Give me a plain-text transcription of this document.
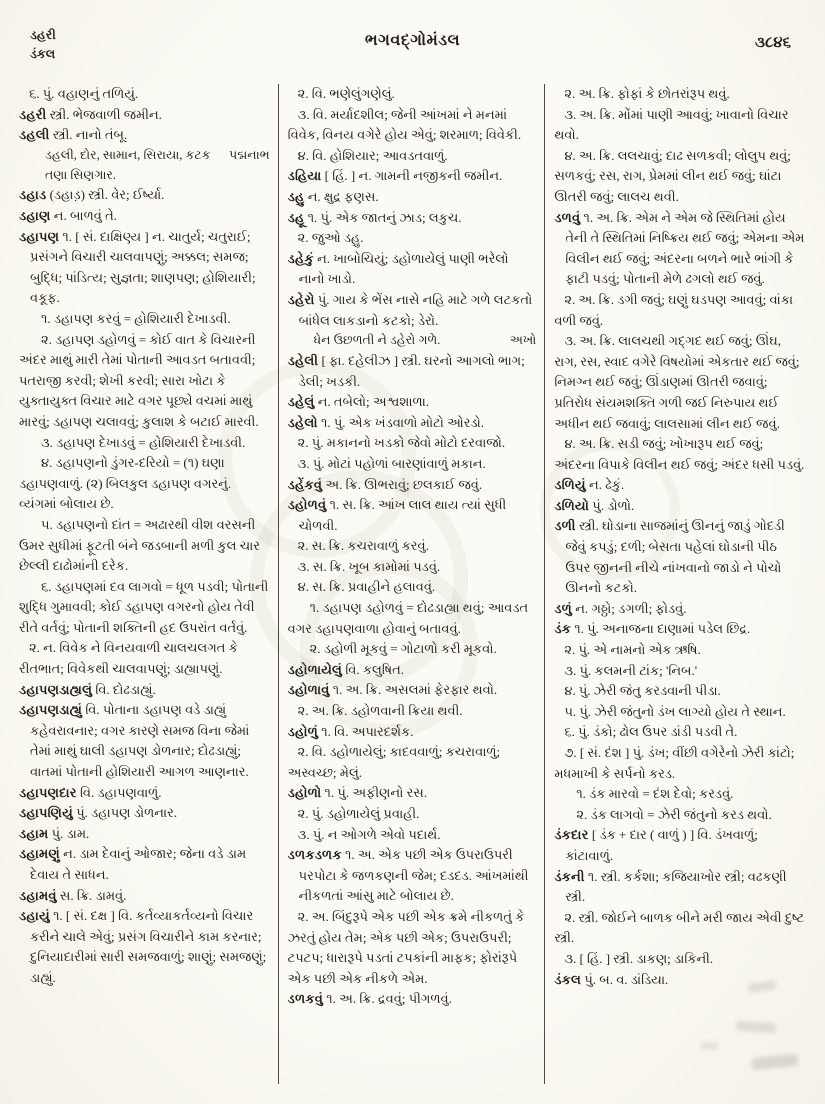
ડહરી
ડંકલ
ભગવદ્ગોમંડલ	૩૮૪૬

૬. પું. વહાણનું તળિયું.

ડહરી સ્ત્રી. ભેજવાળી જમીન.

ડહલી સ્ત્રી. નાનો તંબૂ.

પદ્મનાભ
ડહલી, દોર, સામાન, સિરાયા, કટક તણા સિણગાર.

ડહાડ (ડહાડ઼) સ્ત્રી. વેર; ઈર્ષ્યા.

ડહાણ ન. બાળવું તે.

ડહાપણ ૧. [ સં. દાક્ષિણ્ય ] ન. ચાતુર્ય; ચતુરાઈ; પ્રસંગને વિચારી ચાલવાપણું; અક્કલ; સમજ; બુદ્ધિ; પાંડિત્ય; સુજ્ઞતા; શાણપણ; હોશિયારી; વકૂફ.

૧. ડહાપણ કરવું = હોશિયારી દેખાડવી.

૨. ડહાપણ ડહોળવું = કોઈ વાત કે વિચારની અંદર માથું મારી તેમાં પોતાની આવડત બતાવવી; પતરાજી કરવી; શેખી કરવી; સારા ખોટા કે યુક્તાયુક્ત વિચાર માટે વગર પૂછ્યે વચમાં માથું મારવું; ડહાપણ ચલાવવું; કુલાશ કે બટાઈ મારવી.

૩. ડહાપણ દેખાડવું = હોશિયારી દેખાડવી.

૪. ડહાપણનો ડુંગર-દરિયો = (૧) ઘણા ડહાપણવાળું. (૨) બિલકુલ ડહાપણ વગરનું. વ્યંગમાં બોલાય છે.

૫. ડહાપણનો દાંત = અઢારથી વીશ વરસની ઉમર સુધીમાં ફૂટતી બંને જડબાની મળી કુલ ચાર છેલ્લી દાઢોમાંની દરેક.

૬. ડહાપણમાં દવ લાગવો = ધૂળ પડવી; પોતાની શુદ્ધિ ગુમાવવી; કોઈ ડહાપણ વગરનો હોય તેવી રીતે વર્તવું; પોતાની શક્તિની હદ ઉપરાંત વર્તવું.

૨. ન. વિવેક ને વિનયવાળી ચાલચલગત કે રીતભાત; વિવેકથી ચાલવાપણું; ડાહ્યાપણું.

ડહાપણડાહ્યલું વિ. દોઢડાહ્યું.

ડહાપણડાહ્યું વિ. પોતાના ડહાપણ વડે ડાહ્યું કહેવરાવનાર; વગર કારણે સમજ વિના જેમાં તેમાં માથું ઘાલી ડહાપણ ડોળનાર; દોઢડાહ્યું; વાતમાં પોતાની હોશિયારી આગળ આણનાર.

ડહાપણદાર વિ. ડહાપણવાળું.

ડહાપણિયું પું. ડહાપણ ડોળનાર.

ડહામ પું. ડામ.

ડહામણું ન. ડામ દેવાનું ઓજાર; જેના વડે ડામ દેવાય તે સાધન.

ડહામવું સ. ક્રિ. ડામવું.

ડહાયું ૧. [ સં. દક્ષ ] વિ. કર્તવ્યાકર્તવ્યનો વિચાર કરીને ચાલે એવું; પ્રસંગ વિચારીને કામ કરનાર; દુનિયાદારીમાં સારી સમજવાળું; શાણું; સમજણું; ડાહ્યું.

૨. વિ. ભણેલુંગણેલું.

૩. વિ. મર્યાદશીલ; જેની આંખમાં ને મનમાં વિવેક, વિનય વગેરે હોય એવું; શરમાળ; વિવેકી.

૪. વિ. હોશિયાર; આવડતવાળું.

ડહિયા [ હિં. ] ન. ગામની નજીકની જમીન.

ડહુ ન. ક્ષુદ્ર ફણસ.

ડહૂ ૧. પું. એક જાતનું ઝાડ; લકુચ.

૨. જુઓ ડહુ.

ડહેકું ન. ખાબોચિયું; ડહોળાયેલું પાણી ભરેલો નાનો ખાડો.

ડહેરો પું. ગાય કે ભેંસ નાસે નહિ માટે ગળે લટકતો બાંધેલ લાકડાનો કટકો; ડેરો.

અખો
ધેન ઉછળતી ને ડહેરો ગળે.

ડહેલી [ ફા. દહેલીઝ ] સ્ત્રી. ઘરનો આગલો ભાગ; ડેલી; ખડકી.

ડહેલું ન. તબેલો; અશ્વશાળા.

ડહેલો ૧. પું. એક ખંડવાળો મોટો ઓરડો.

૨. પું. મકાનનો ખડકો જેવો મોટો દરવાજો.

૩. પું. મોટાં પહોળાં બારણાંવાળું મકાન.

ડહેંકવું અ. ક્રિ. ઊભરાવું; છલકાઈ જવું.

ડહોળવું ૧. સ. ક્રિ. આંખ લાલ થાય ત્યાં સુધી ચોળવી.

૨. સ. ક્રિ. કચરાવાળું કરવું.

૩. સ. ક્રિ. ખૂબ કામોમાં પડવું.

૪. સ. ક્રિ. પ્રવાહીને હલાવવું.

૧. ડહાપણ ડહોળવું = દોઢડાહ્યા થવું; આવડત વગર ડહાપણવાળા હોવાનું બતાવવું.

૨. ડહોળી મૂકવું = ગોટાળો કરી મૂકવો.

ડહોળાયેલું વિ. કલુષિત.

ડહોળાવું ૧. અ. ક્રિ. અસલમાં ફેરફાર થવો.

૨. અ. ક્રિ. ડહોળવાની ક્રિયા થવી.

ડહોળું ૧. વિ. અપારદર્શક.

૨. વિ. ડહોળાયેલું; કાદવવાળું; કચરાવાળું; અસ્વચ્છ; મેલું.

ડહોળો ૧. પું. અફીણનો રસ.

૨. પું. ડહોળાયેલું પ્રવાહી.

૩. પું. ન ઓગળે એવો પદાર્થ.

ડળકડળક ૧. અ. એક પછી એક ઉપરાઉપરી પરપોટા કે જળકણની જેમ; દડદડ. આંખમાંથી નીકળતાં આંસુ માટે બોલાય છે.

૨. અ. બિંદુરૂપે એક પછી એક ક્રમે નીકળતું કે ઝરતું હોય તેમ; એક પછી એક; ઉપરાઉપરી; ટપટપ; ધારારૂપે પડતાં ટપકાંની માફક; ફોરાંરૂપે એક પછી એક નીકળે એમ.

ડળકવું ૧. અ. ક્રિ. દ્રવવું; પીગળવું.

૨. અ. ક્રિ. ફોફાં કે છોતરાંરૂપ થવું.

૩. અ. ક્રિ. મોંમાં પાણી આવવું; ખાવાનો વિચાર થવો.

૪. અ. ક્રિ. લલચાવું; દાઢ સળકવી; લોલુપ થવું; સળકવું; રસ, રાગ, પ્રેમમાં લીન થઈ જવું; ઘાંટા ઊતરી જવું; લાલચ થવી.

ડળવું ૧. અ. ક્રિ. એમ ને એમ જે સ્થિતિમાં હોય તેની તે સ્થિતિમાં નિષ્ક્રિય થઈ જવું; એમના એમ વિલીન થઈ જવું; અંદરના બળને ભારે ભાંગી કે ફાટી પડવું; પોતાની મેળે ઢગલો થઈ જવું.

૨. અ. ક્રિ. ડગી જવું; ઘણું ઘડપણ આવવું; વાંકા વળી જવું.

૩. અ. ક્રિ. લાલચથી ગદ્ગદ થઈ જવું; ઊંઘ, રાગ, રસ, સ્વાદ વગેરે વિષયોમાં એકતાર થઈ જવું; નિમગ્ન થઈ જવું; ઊંડાણમાં ઊતરી જવાવું; પ્રતિરોધ સંયમશક્તિ ગળી જઈ નિરુપાય થઈ અધીન થઈ જવાવું; લાલસામાં લીન થઈ જવું.

૪. અ. ક્રિ. સડી જવું; ખોખારૂપ થઈ જવું; અંદરના વિપાકે વિલીન થઈ જવું; અંદર ધસી પડવું.

ડળિયું ન. ઢેકું.

ડળિયો પું. ડોળો.

ડળી સ્ત્રી. ઘોડાના સાજમાંનું ઊનનું જાડું ગોદડી જેવું કપડું; દળી; બેસતા પહેલાં ઘોડાની પીઠ ઉપર જીનની નીચે નાંખવાનો જાડો ને પોચો ઊનનો કટકો.

ડળું ન. ગઠ્ઠો; ડગળી; ફોડવું.

ડંક ૧. પું. અનાજના દાણામાં પડેલ છિદ્ર.

૨. પું. એ નામનો એક ઋષિ.

૩. પું. કલમની ટાંક; 'નિબ.'

૪. પું. ઝેરી જંતુ કરડવાની પીડા.

૫. પું. ઝેરી જંતુનો ડંખ લાગ્યો હોય તે સ્થાન.

૬. પું. ડંકો; ઢોલ ઉપર ડાંડી પડવી તે.

૭. [ સં. દંશ ] પું. ડંખ; વીંછી વગેરેનો ઝેરી કાંટો; મધમાખી કે સર્પનો કરડ.

૧. ડંક મારવો = દંશ દેવો; કરડવું.

૨. ડંક લાગવો = ઝેરી જંતુનો કરડ થવો.

ડંકદાર [ ડંક + દાર ( વાળું ) ] વિ. ડંખવાળું; કાંટાવાળું.

ડંકની ૧. સ્ત્રી. કર્કશા; કજિયાખોર સ્ત્રી; વઢકણી સ્ત્રી.

૨. સ્ત્રી. જોઈને બાળક બીને મરી જાય એવી દુષ્ટ સ્ત્રી.

૩. [ હિં. ] સ્ત્રી. ડાકણ; ડાકિની.

ડંકલ પું. બ. વ. ડાંડિયા.
